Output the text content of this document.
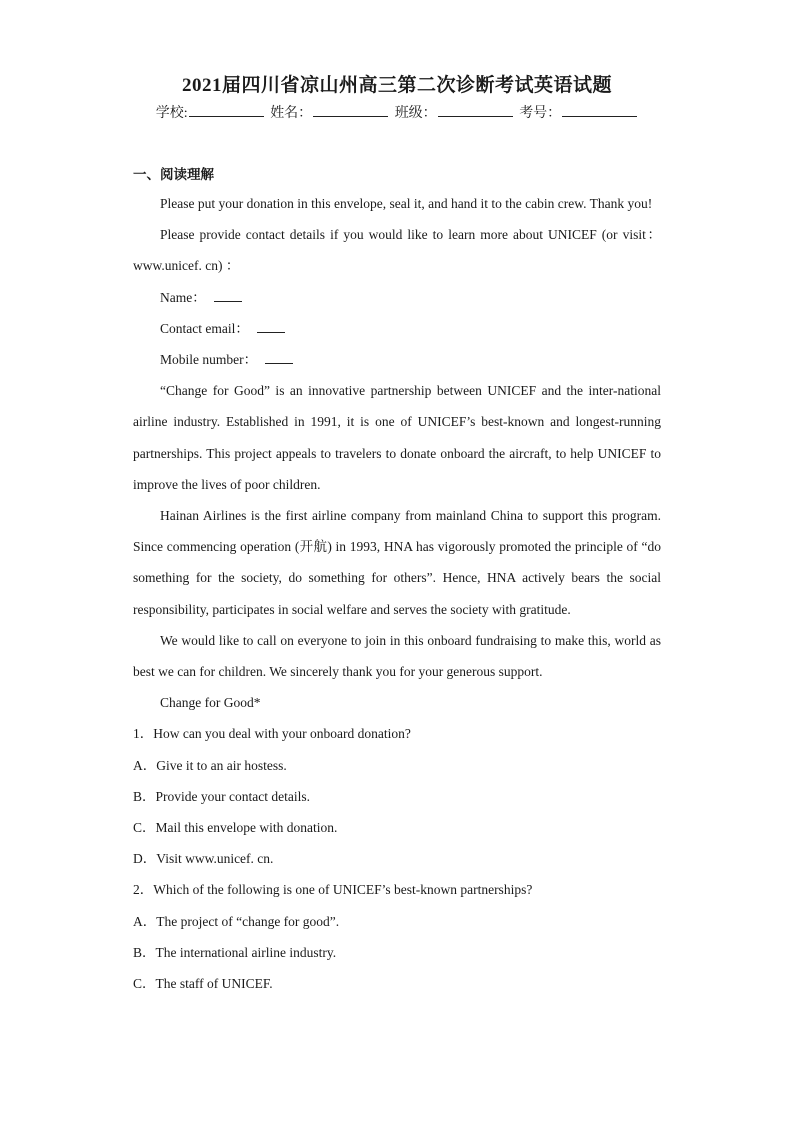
2021届四川省凉山州高三第二次诊断考试英语试题
学校:	姓名：	班级：	考号：
一、阅读理解

Please put your donation in this envelope, seal it, and hand it to the cabin crew. Thank you!

Please provide contact details if you would like to learn more about UNICEF (or visit：www.unicef. cn) ：

Name：

Contact email：

Mobile number：

“Change for Good” is an innovative partnership between UNICEF and the inter-national airline industry. Established in 1991, it is one of UNICEF’s best-known and longest-running partnerships. This project appeals to travelers to donate onboard the aircraft, to help UNICEF to improve the lives of poor children.

Hainan Airlines is the first airline company from mainland China to support this program. Since commencing operation (开航) in 1993, HNA has vigorously promoted the principle of “do something for the society, do something for others”. Hence, HNA actively bears the social responsibility, participates in social welfare and serves the society with gratitude.

We would like to call on everyone to join in this onboard fundraising to make this, world as best we can for children. We sincerely thank you for your generous support.

Change for Good*

1．How can you deal with your onboard donation?

A．Give it to an air hostess.

B．Provide your contact details.

C．Mail this envelope with donation.

D．Visit www.unicef. cn.

2．Which of the following is one of UNICEF’s best-known partnerships?

A．The project of “change for good”.

B．The international airline industry.

C．The staff of UNICEF.
